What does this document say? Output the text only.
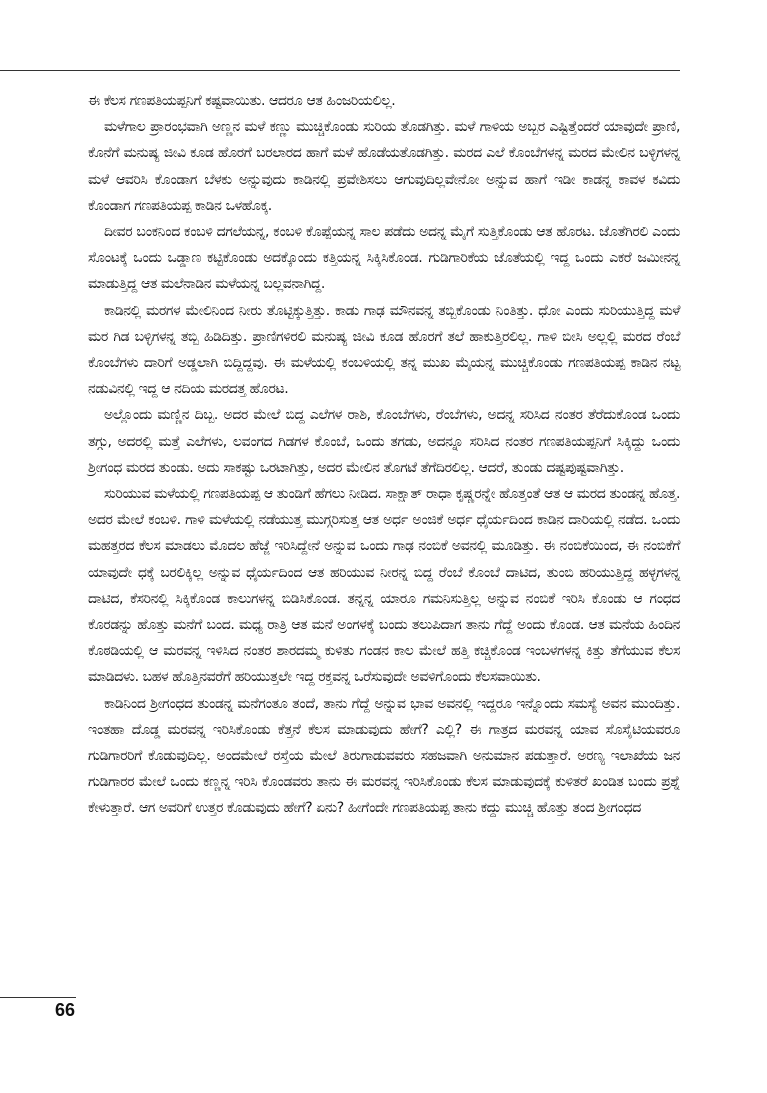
ಈ ಕೆಲಸ ಗಣಪತಿಯಪ್ಪನಿಗೆ ಕಷ್ಟವಾಯಿತು. ಆದರೂ ಆತ ಹಿಂಜರಿಯಲಿಲ್ಲ.

ಮಳೆಗಾಲ ಪ್ರಾರಂಭವಾಗಿ ಅಣ್ಣನ ಮಳೆ ಕಣ್ಣು ಮುಚ್ಚಿಕೊಂಡು ಸುರಿಯ ತೊಡಗಿತ್ತು. ಮಳೆ ಗಾಳಿಯ ಅಬ್ಬರ ಎಷ್ಟಿತ್ತೆಂದರೆ ಯಾವುದೇ ಪ್ರಾಣಿ, ಕೊನೆಗೆ ಮನುಷ್ಯ ಜೀವಿ ಕೂಡ ಹೊರಗೆ ಬರಲಾರದ ಹಾಗೆ ಮಳೆ ಹೊಡೆಯತೊಡಗಿತ್ತು. ಮರದ ಎಲೆ ಕೊಂಬೆಗಳನ್ನ ಮರದ ಮೇಲಿನ ಬಳ್ಳಿಗಳನ್ನ ಮಳೆ ಆವರಿಸಿ ಕೊಂಡಾಗ ಬೆಳಕು ಅನ್ನುವುದು ಕಾಡಿನಲ್ಲಿ ಪ್ರವೇಶಿಸಲು ಆಗುವುದಿಲ್ಲವೇನೋ ಅನ್ನುವ ಹಾಗೆ ಇಡೀ ಕಾಡನ್ನ ಕಾವಳ ಕವಿದು ಕೊಂಡಾಗ ಗಣಪತಿಯಪ್ಪ ಕಾಡಿನ ಒಳಹೊಕ್ಕ.

ದೀವರ ಬಂಕನಿಂದ ಕಂಬಳಿ ದಗಲೆಯನ್ನ, ಕಂಬಳಿ ಕೊಪ್ಪೆಯನ್ನ ಸಾಲ ಪಡೆದು ಅದನ್ನ ಮೈಗೆ ಸುತ್ತಿಕೊಂಡು ಆತ ಹೊರಟ. ಜೊತೆಗಿರಲಿ ಎಂದು ಸೊಂಟಕ್ಕೆ ಒಂದು ಒಡ್ಡಾಣ ಕಟ್ಟಿಕೊಂಡು ಅದಕ್ಕೊಂದು ಕತ್ತಿಯನ್ನ ಸಿಕ್ಕಿಸಿಕೊಂಡ. ಗುಡಿಗಾರಿಕೆಯ ಜೊತೆಯಲ್ಲಿ ಇದ್ದ ಒಂದು ಎಕರೆ ಜಮೀನನ್ನ ಮಾಡುತ್ತಿದ್ದ ಆತ ಮಲೆನಾಡಿನ ಮಳೆಯನ್ನ ಬಲ್ಲವನಾಗಿದ್ದ.

ಕಾಡಿನಲ್ಲಿ ಮರಗಳ ಮೇಲಿನಿಂದ ನೀರು ತೊಟ್ಟಿಕ್ಕುತ್ತಿತ್ತು. ಕಾಡು ಗಾಢ ಮೌನವನ್ನ ತಬ್ಬಿಕೊಂಡು ನಿಂತಿತ್ತು. ಧೋ ಎಂದು ಸುರಿಯುತ್ತಿದ್ದ ಮಳೆ ಮರ ಗಿಡ ಬಳ್ಳಿಗಳನ್ನ ತಬ್ಬಿ ಹಿಡಿದಿತ್ತು. ಪ್ರಾಣಿಗಳಿರಲಿ ಮನುಷ್ಯ ಜೀವಿ ಕೂಡ ಹೊರಗೆ ತಲೆ ಹಾಕುತ್ತಿರಲಿಲ್ಲ. ಗಾಳಿ ಬೀಸಿ ಅಲ್ಲಲ್ಲಿ ಮರದ ರೆಂಬೆ ಕೊಂಬೆಗಳು ದಾರಿಗೆ ಅಡ್ಡಲಾಗಿ ಬಿದ್ದಿದ್ದವು. ಈ ಮಳೆಯಲ್ಲಿ ಕಂಬಳಿಯಲ್ಲಿ ತನ್ನ ಮುಖ ಮೈಯನ್ನ ಮುಚ್ಚಿಕೊಂಡು ಗಣಪತಿಯಪ್ಪ ಕಾಡಿನ ನಟ್ಟ ನಡುವಿನಲ್ಲಿ ಇದ್ದ ಆ ನದಿಯ ಮರದತ್ತ ಹೊರಟ.

ಅಲ್ಲೊಂದು ಮಣ್ಣಿನ ದಿಬ್ಬ. ಅದರ ಮೇಲೆ ಬಿದ್ದ ಎಲೆಗಳ ರಾಶಿ, ಕೊಂಬೆಗಳು, ರೆಂಬೆಗಳು, ಅದನ್ನ ಸರಿಸಿದ ನಂತರ ತೆರೆದುಕೊಂಡ ಒಂದು ತಗ್ಗು, ಅದರಲ್ಲಿ ಮತ್ತೆ ಎಲೆಗಳು, ಲವಂಗದ ಗಿಡಗಳ ಕೊಂಬೆ, ಒಂದು ತಗಡು, ಅದನ್ನೂ ಸರಿಸಿದ ನಂತರ ಗಣಪತಿಯಪ್ಪನಿಗೆ ಸಿಕ್ಕಿದ್ದು ಒಂದು ಶ್ರೀಗಂಧ ಮರದ ತುಂಡು. ಅದು ಸಾಕಷ್ಟು ಒರಟಾಗಿತ್ತು, ಅದರ ಮೇಲಿನ ತೊಗಟೆ ತೆಗೆದಿರಲಿಲ್ಲ. ಆದರೆ, ತುಂಡು ದಷ್ಟಪುಷ್ಟವಾಗಿತ್ತು.

ಸುರಿಯುವ ಮಳೆಯಲ್ಲಿ ಗಣಪತಿಯಪ್ಪ ಆ ತುಂಡಿಗೆ ಹೆಗಲು ನೀಡಿದ. ಸಾಕ್ಷಾತ್ ರಾಧಾ ಕೃಷ್ಣರನ್ನೇ ಹೊತ್ತಂತೆ ಆತ ಆ ಮರದ ತುಂಡನ್ನ ಹೊತ್ತ. ಅದರ ಮೇಲೆ ಕಂಬಳಿ. ಗಾಳಿ ಮಳೆಯಲ್ಲಿ ನಡೆಯುತ್ತ ಮುಗ್ಗರಿಸುತ್ತ ಆತ ಅರ್ಧ ಅಂಜಿಕೆ ಅರ್ಧ ಧೈರ್ಯದಿಂದ ಕಾಡಿನ ದಾರಿಯಲ್ಲಿ ನಡೆದ. ಒಂದು ಮಹತ್ತರದ ಕೆಲಸ ಮಾಡಲು ಮೊದಲ ಹೆಜ್ಜೆ ಇರಿಸಿದ್ದೇನೆ ಅನ್ನುವ ಒಂದು ಗಾಢ ನಂಬಿಕೆ ಅವನಲ್ಲಿ ಮೂಡಿತ್ತು. ಈ ನಂಬಿಕೆಯಿಂದ, ಈ ನಂಬಿಕೆಗೆ ಯಾವುದೇ ಧಕ್ಕೆ ಬರಲಿಕ್ಕಿಲ್ಲ ಅನ್ನುವ ಧೈರ್ಯದಿಂದ ಆತ ಹರಿಯುವ ನೀರನ್ನ ಬಿದ್ದ ರೆಂಬೆ ಕೊಂಬೆ ದಾಟಿದ, ತುಂಬಿ ಹರಿಯುತ್ತಿದ್ದ ಹಳ್ಳಗಳನ್ನ ದಾಟಿದ, ಕೆಸರಿನಲ್ಲಿ ಸಿಕ್ಕಿಕೊಂಡ ಕಾಲುಗಳನ್ನ ಬಿಡಿಸಿಕೊಂಡ. ತನ್ನನ್ನ ಯಾರೂ ಗಮನಿಸುತ್ತಿಲ್ಲ ಅನ್ನುವ ನಂಬಿಕೆ ಇರಿಸಿ ಕೊಂಡು ಆ ಗಂಧದ ಕೊರಡನ್ನು ಹೊತ್ತು ಮನೆಗೆ ಬಂದ. ಮಧ್ಯ ರಾತ್ರಿ ಆತ ಮನೆ ಅಂಗಳಕ್ಕೆ ಬಂದು ತಲುಪಿದಾಗ ತಾನು ಗೆದ್ದೆ ಅಂದು ಕೊಂಡ. ಆತ ಮನೆಯ ಹಿಂದಿನ ಕೊಠಡಿಯಲ್ಲಿ ಆ ಮರವನ್ನ ಇಳಿಸಿದ ನಂತರ ಶಾರದಮ್ಮ ಕುಳಿತು ಗಂಡನ ಕಾಲ ಮೇಲೆ ಹತ್ತಿ ಕಚ್ಚಿಕೊಂಡ ಇಂಬಳಗಳನ್ನ ಕಿತ್ತು ತೆಗೆಯುವ ಕೆಲಸ ಮಾಡಿದಳು. ಬಹಳ ಹೊತ್ತಿನವರೆಗೆ ಹರಿಯುತ್ತಲೇ ಇದ್ದ ರಕ್ತವನ್ನ ಒರೆಸುವುದೇ ಅವಳಿಗೊಂದು ಕೆಲಸವಾಯಿತು.

ಕಾಡಿನಿಂದ ಶ್ರೀಗಂಧದ ತುಂಡನ್ನ ಮನೆಗಂತೂ ತಂದೆ, ತಾನು ಗೆದ್ದೆ ಅನ್ನುವ ಭಾವ ಅವನಲ್ಲಿ ಇದ್ದರೂ ಇನ್ನೊಂದು ಸಮಸ್ಯೆ ಅವನ ಮುಂದಿತ್ತು. ಇಂತಹಾ ದೊಡ್ಡ ಮರವನ್ನ ಇರಿಸಿಕೊಂಡು ಕೆತ್ತನೆ ಕೆಲಸ ಮಾಡುವುದು ಹೇಗೆ? ಎಲ್ಲಿ? ಈ ಗಾತ್ರದ ಮರವನ್ನ ಯಾವ ಸೊಸೈಟಿಯವರೂ ಗುಡಿಗಾರರಿಗೆ ಕೊಡುವುದಿಲ್ಲ. ಅಂದಮೇಲೆ ರಸ್ತೆಯ ಮೇಲೆ ತಿರುಗಾಡುವವರು ಸಹಜವಾಗಿ ಅನುಮಾನ ಪಡುತ್ತಾರೆ. ಅರಣ್ಯ ಇಲಾಖೆಯ ಜನ ಗುಡಿಗಾರರ ಮೇಲೆ ಒಂದು ಕಣ್ಣನ್ನ ಇರಿಸಿ ಕೊಂಡವರು ತಾನು ಈ ಮರವನ್ನ ಇರಿಸಿಕೊಂಡು ಕೆಲಸ ಮಾಡುವುದಕ್ಕೆ ಕುಳಿತರೆ ಖಂಡಿತ ಬಂದು ಪ್ರಶ್ನೆ ಕೇಳುತ್ತಾರೆ. ಆಗ ಅವರಿಗೆ ಉತ್ತರ ಕೊಡುವುದು ಹೇಗೆ? ಏನು? ಹೀಗೆಂದೇ ಗಣಪತಿಯಪ್ಪ ತಾನು ಕದ್ದು ಮುಚ್ಚಿ ಹೊತ್ತು ತಂದ ಶ್ರೀಗಂಧದ

66
